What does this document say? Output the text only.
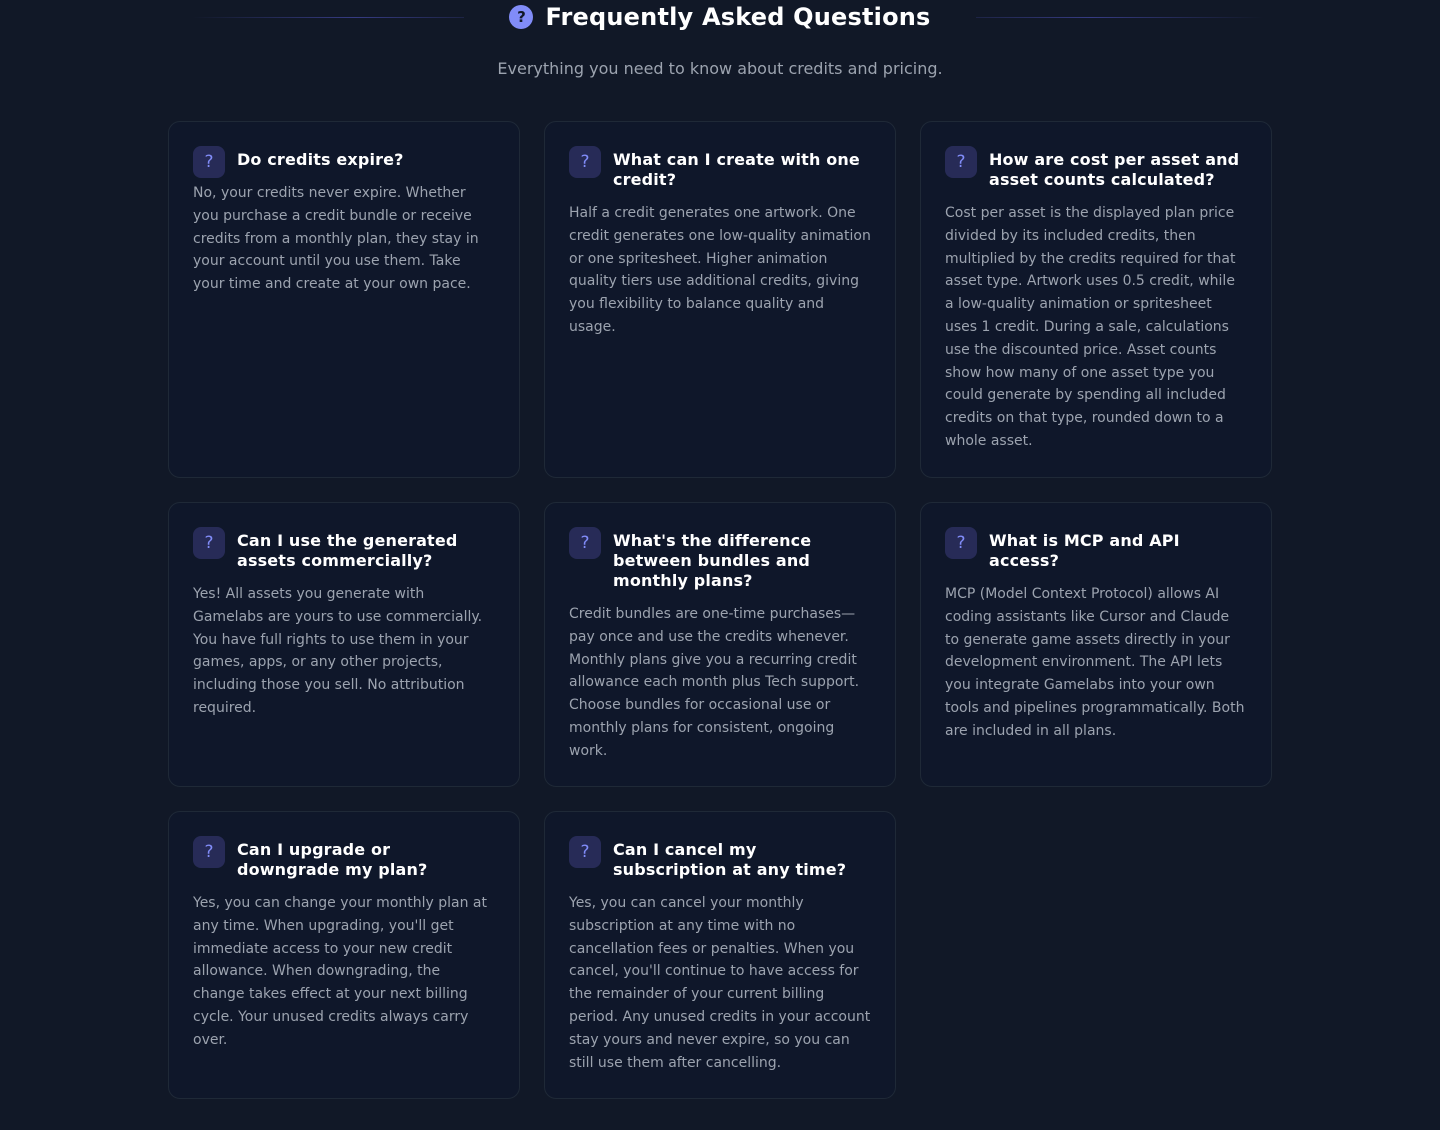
? Frequently Asked Questions
Everything you need to know about credits and pricing.
?	Do credits expire?
No, your credits never expire. Whether you purchase a credit bundle or receive credits from a monthly plan, they stay in your account until you use them. Take your time and create at your own pace.
?	What can I create with one credit?
Half a credit generates one artwork. One credit generates one low-quality animation or one spritesheet. Higher animation quality tiers use additional credits, giving you flexibility to balance quality and usage.
?	How are cost per asset and asset counts calculated?
Cost per asset is the displayed plan price divided by its included credits, then multiplied by the credits required for that asset type. Artwork uses 0.5 credit, while a low-quality animation or spritesheet uses 1 credit. During a sale, calculations use the discounted price. Asset counts show how many of one asset type you could generate by spending all included credits on that type, rounded down to a whole asset.
?	Can I use the generated assets commercially?
Yes! All assets you generate with Gamelabs are yours to use commercially. You have full rights to use them in your games, apps, or any other projects, including those you sell. No attribution required.
?	What's the difference between bundles and monthly plans?
Credit bundles are one-time purchases—pay once and use the credits whenever. Monthly plans give you a recurring credit allowance each month plus Tech support. Choose bundles for occasional use or monthly plans for consistent, ongoing work.
?	What is MCP and API access?
MCP (Model Context Protocol) allows AI coding assistants like Cursor and Claude to generate game assets directly in your development environment. The API lets you integrate Gamelabs into your own tools and pipelines programmatically. Both are included in all plans.
?	Can I upgrade or downgrade my plan?
Yes, you can change your monthly plan at any time. When upgrading, you'll get immediate access to your new credit allowance. When downgrading, the change takes effect at your next billing cycle. Your unused credits always carry over.
?	Can I cancel my subscription at any time?
Yes, you can cancel your monthly subscription at any time with no cancellation fees or penalties. When you cancel, you'll continue to have access for the remainder of your current billing period. Any unused credits in your account stay yours and never expire, so you can still use them after cancelling.
